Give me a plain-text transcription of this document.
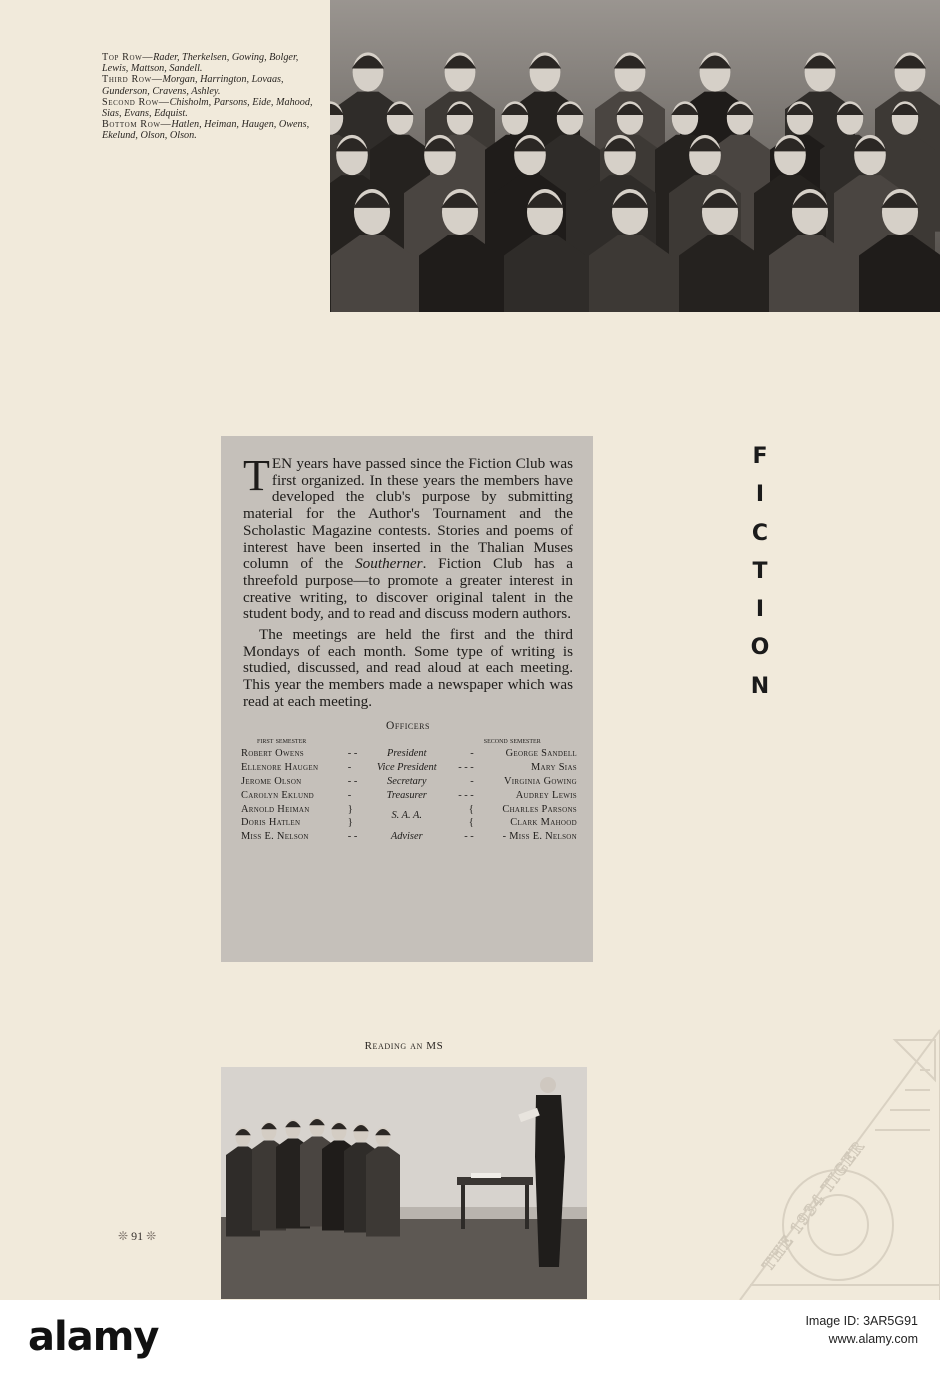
Top Row—Rader, Therkelsen, Gowing, Bolger, Lewis, Mattson, Sandell.

Third Row—Morgan, Harrington, Lovaas, Gunderson, Cravens, Ashley.

Second Row—Chisholm, Parsons, Eide, Mahood, Sias, Evans, Edquist.

Bottom Row—Hatlen, Heiman, Haugen, Owens, Ekelund, Olson, Olson.

F
I
C
T
I
O
N

TEN years have passed since the Fiction Club was first organized. In these years the members have developed the club's purpose by submitting material for the Author's Tournament and the Scholastic Magazine contests. Stories and poems of interest have been inserted in the Thalian Muses column of the Southerner. Fiction Club has a threefold purpose—to promote a greater interest in creative writing, to discover original talent in the student body, and to read and discuss modern authors.

The meetings are held the first and the third Mondays of each month. Some type of writing is studied, discussed, and read aloud at each meeting. This year the members made a newspaper which was read at each meeting.

Officers
first semester				second semester
Robert Owens	- -	President	-	George Sandell
Ellenore Haugen	-	Vice President	- - -	Mary Sias
Jerome Olson	- -	Secretary	-	Virginia Gowing
Carolyn Eklund	-	Treasurer	- - -	Audrey Lewis
Arnold Heiman	}	S. A. A.	{	Charles Parsons
Doris Hatlen	}		{	Clark Mahood
Miss E. Nelson	- -	Adviser	- -	- Miss E. Nelson
Reading an MS
❊ 91 ❊	THE 1934 TIGER
alamy	Image ID: 3AR5G91
www.alamy.com
